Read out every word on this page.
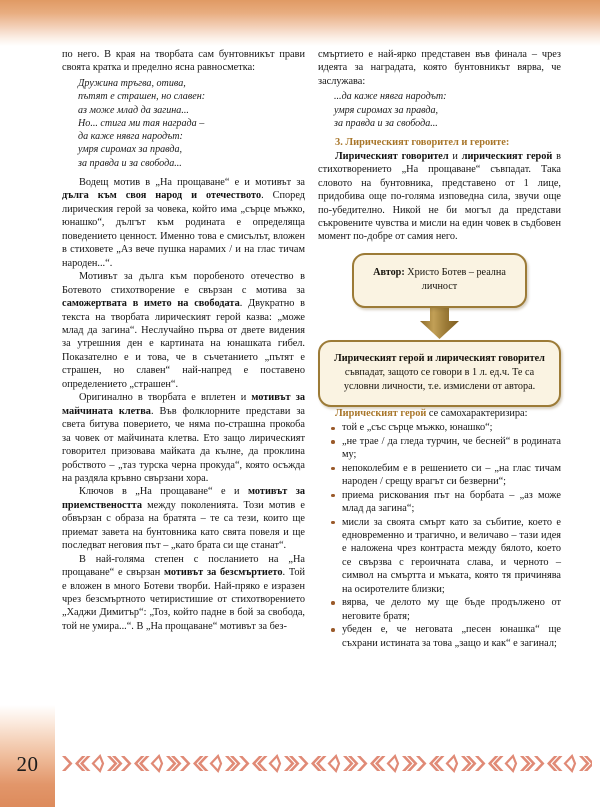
20

по него. В края на творбата сам бунтовникът прави своята кратка и пределно ясна равносметка:

Дружина тръгва, отива,
пътят е страшен, но славен:
аз може млад да загина...
Но... стига ми тая награда –
да каже нявга народът:
умря сиромах за правда,
за правда и за свобода...

Водещ мотив в „На прощаване“ е и мотивът за дълга към своя народ и отечеството. Според лирическия герой за човека, който има „сърце мъжко, юнашко“, дългът към родината е определяща поведението ценност. Именно това е смисълът, вложен в стиховете „Аз вече пушка нарамих / и на глас тичам народен...“.

Мотивът за дълга към поробеното отечество в Ботевото стихотворение е свързан с мотива за саможертвата в името на свободата. Двукратно в текста на творбата лирическият герой казва: „може млад да загина“. Неслучайно първа от двете видения за утрешния ден е картината на юнашката гибел. Показателно е и това, че в съчетанието „пътят е страшен, но славен“ най-напред е поставено определението „страшен“.

Оригинално в творбата е вплетен и мотивът за майчината клетва. Във фолклорните представи за света битува поверието, че няма по-страшна прокоба за човек от майчината клетва. Ето защо лирическият говорител призовава майката да кълне, да проклина робството – „таз турска черна прокуда“, която осъжда на раздяла кръвно свързани хора.

Ключов в „На прощаване“ е и мотивът за приемствеността между поколенията. Този мотив е обвързан с образа на братята – те са тези, които ще приемат завета на бунтовника като свята повеля и ще последват неговия път – „като брата си ще станат“.

В най-голяма степен с посланието на „На прощаване“ е свързан мотивът за безсмъртието. Той е вложен в много Ботеви творби. Най-пряко е изразен чрез безсмъртното четиристишие от стихотворението „Хаджи Димитър“: „Тоз, който падне в бой за свобода, той не умира...“. В „На прощаване“ мотивът за без-

смъртието е най-ярко представен във финала – чрез идеята за наградата, която бунтовникът вярва, че заслужава:

...да каже нявга народът:
умря сиромах за правда,
за правда и за свобода...

3. Лирическият говорител и героите:

Лирическият говорител и лирическият герой в стихотворението „На прощаване“ съвпадат. Така словото на бунтовника, представено от 1 лице, придобива още по-голяма изповедна сила, звучи още по-убедително. Никой не би могъл да представи съкровените чувства и мисли на един човек в съдбовен момент по-добре от самия него.

Автор: Христо Ботев – реална личност
Лирическият герой и лирическият говорител съвпадат, защото се говори в 1 л. ед.ч. Те са условни личности, т.е. измислени от автора.

Лирическият герой се самохарактеризира:

той е „със сърце мъжко, юнашко“;
„не трае / да гледа турчин, че бесней“ в родината му;
непоколебим е в решението си – „на глас тичам народен / срещу врагът си безверни“;
приема рискования път на борбата – „аз може млад да загина“;
мисли за своята смърт като за събитие, което е едновременно и трагично, и величаво – тази идея е наложена чрез контраста между бялото, което се свързва с героичната слава, и черното – символ на смъртта и мъката, която тя причинява на осиротелите близки;
вярва, че делото му ще бъде продължено от неговите братя;
убеден е, че неговата „песен юнашка“ ще съхрани истината за това „защо и как“ е загинал;
